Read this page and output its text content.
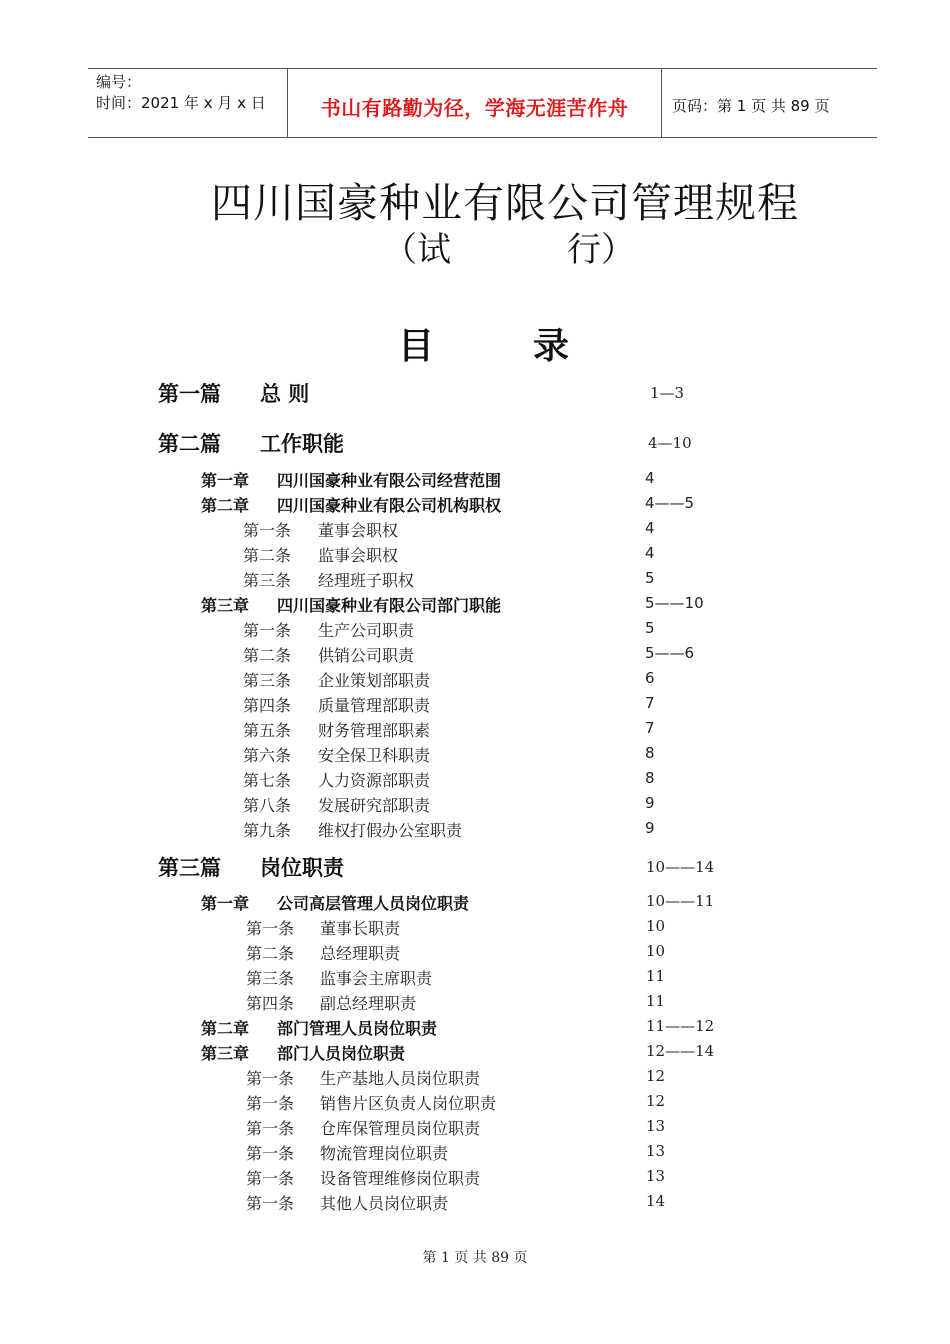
编号：
时间：2021 年 x 月 x 日	书山有路勤为径，学海无涯苦作舟	页码：第 1 页 共 89 页
四川国豪种业有限公司管理规程
（试	行）
目	录
第一篇 总 则	1—3
第二篇 工作职能	4—10
第一章 四川国豪种业有限公司经营范围	4
第二章 四川国豪种业有限公司机构职权	4——5
第一条 董事会职权	4
第二条 监事会职权	4
第三条 经理班子职权	5
第三章 四川国豪种业有限公司部门职能	5——10
第一条 生产公司职责	5
第二条 供销公司职责	5——6
第三条 企业策划部职责	6
第四条 质量管理部职责	7
第五条 财务管理部职素	7
第六条 安全保卫科职责	8
第七条 人力资源部职责	8
第八条 发展研究部职责	9
第九条 维权打假办公室职责	9
第三篇 岗位职责	10——14
第一章 公司高层管理人员岗位职责	10——11
第一条 董事长职责	10
第二条 总经理职责	10
第三条 监事会主席职责	11
第四条 副总经理职责	11
第二章 部门管理人员岗位职责	11——12
第三章 部门人员岗位职责	12——14
第一条 生产基地人员岗位职责	12
第一条 销售片区负责人岗位职责	12
第一条 仓库保管理员岗位职责	13
第一条 物流管理岗位职责	13
第一条 设备管理维修岗位职责	13
第一条 其他人员岗位职责	14
第 1 页 共 89 页
